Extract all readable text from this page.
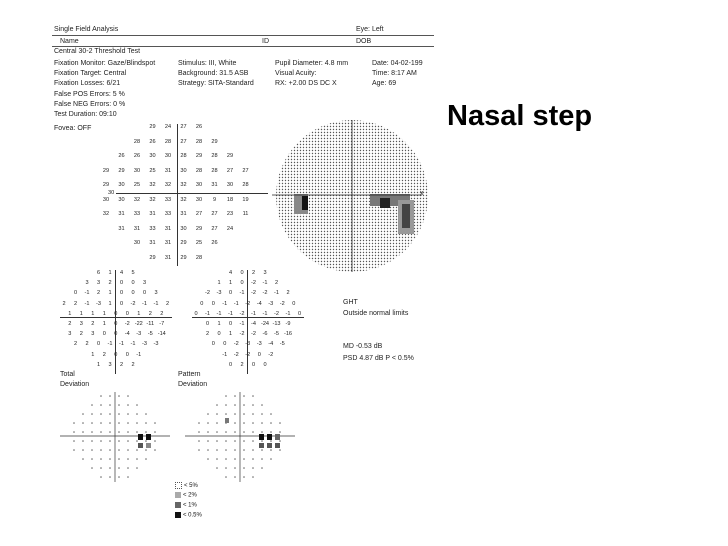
Nasal step
Single Field Analysis	Eye: Left
Name	ID	DOB
Central 30-2 Threshold Test
Fixation Monitor: Gaze/Blindspot
Fixation Target: Central
Fixation Losses: 6/21
False POS Errors: 5 %
False NEG Errors: 0 %
Test Duration: 09:10
Fovea: OFF
Stimulus: III, White
Background: 31.5 ASB
Strategy: SITA-Standard
Pupil Diameter: 4.8 mm
Visual Acuity:
RX: +2.00 DS DC X
Date: 04-02-199
Time: 8:17 AM
Age: 69
29	24	27	26
28	26	28	27	28	29
26	26	30	30	28	29	28	29
29	29	30	25	31	30	28	28	27	27
29	30	25	32	32	32	30	31	30	28
30	30	32	32	33	32	30	9	18	19
32	31	33	31	33	31	27	27	23	11
31	31	33	31	30	29	27	24
30	31	31	29	25	26
29	31	29	28
30	x
6	1	4	5
3	3	2	0	0	3
0	-1	2	1	0	0	0	3
2	2	-1	-3	1	0	-2	-1	-1	2
1	1	1	1	0	0	1	2	2
2	3	2	1	0	-2 -22 -11 -7
3	2	3	0	0	-4	-3	-5 -14
2	2	0	-1	-1	-1	-3	-3
1	2	0	0	-1
1	3	2	2
4	0	2	3
1	1	0	-2	-1	2
-2	-3	0	-1	-2	-2	-1	2
0	0	-1	-1	-2	-4	-3	-2	0
0	-1	-1	-1	-2	-1	-1	-2	-1	0
0	1	0	-1	-4 -24 -13 -9
2	0	1	-2	-2	-6	-5 -16
0	0	-2	-3	-3	-4	-5
-1	-2	-2	0	-2
0	2	0	0
GHT
Outside normal limits
MD -0.53 dB
PSD 4.87 dB P < 0.5%
Total
Deviation
Pattern
Deviation
< 5%
< 2%
< 1%
< 0.5%
